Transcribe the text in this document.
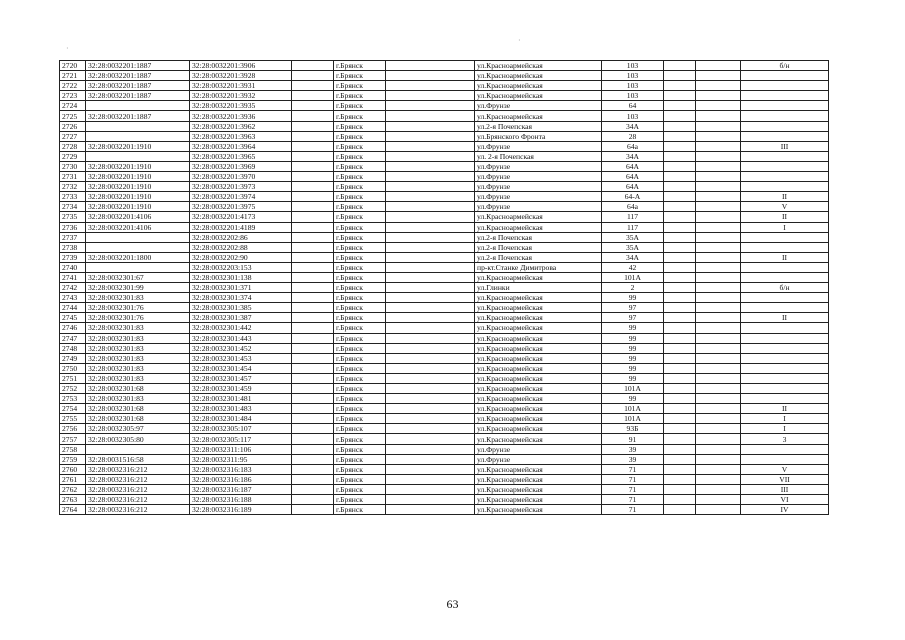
·
·
2720	32:28:0032201:1887	32:28:0032201:3906		г.Брянск		ул.Красноармейская	103			б/н
2721	32:28:0032201:1887	32:28:0032201:3928		г.Брянск		ул.Красноармейская	103			
2722	32:28:0032201:1887	32:28:0032201:3931		г.Брянск		ул.Красноармейская	103			
2723	32:28:0032201:1887	32:28:0032201:3932		г.Брянск		ул.Красноармейская	103			
2724		32:28:0032201:3935		г.Брянск		ул.Фрунзе	64			
2725	32:28:0032201:1887	32:28:0032201:3936		г.Брянск		ул.Красноармейская	103			
2726		32:28:0032201:3962		г.Брянск		ул.2-я Почепская	34А			
2727		32:28:0032201:3963		г.Брянск		ул.Брянского Фронта	28			
2728	32:28:0032201:1910	32:28:0032201:3964		г.Брянск		ул.Фрунзе	64а			III
2729		32:28:0032201:3965		г.Брянск		ул. 2-я Почепская	34А			
2730	32:28:0032201:1910	32:28:0032201:3969		г.Брянск		ул.Фрунзе	64А			
2731	32:28:0032201:1910	32:28:0032201:3970		г.Брянск		ул.Фрунзе	64А			
2732	32:28:0032201:1910	32:28:0032201:3973		г.Брянск		ул.Фрунзе	64А			
2733	32:28:0032201:1910	32:28:0032201:3974		г.Брянск		ул.Фрунзе	64-А			II
2734	32:28:0032201:1910	32:28:0032201:3975		г.Брянск		ул.Фрунзе	64а			V
2735	32:28:0032201:4106	32:28:0032201:4173		г.Брянск		ул.Красноармейская	117			II
2736	32:28:0032201:4106	32:28:0032201:4189		г.Брянск		ул.Красноармейская	117			I
2737		32:28:0032202:86		г.Брянск		ул.2-я Почепская	35А			
2738		32:28:0032202:88		г.Брянск		ул.2-я Почепская	35А			
2739	32:28:0032201:1800	32:28:0032202:90		г.Брянск		ул.2-я Почепская	34А			II
2740		32:28:0032203:153		г.Брянск		пр-кт.Станке Димитрова	42			
2741	32:28:0032301:67	32:28:0032301:138		г.Брянск		ул.Красноармейская	101А			
2742	32:28:0032301:99	32:28:0032301:371		г.Брянск		ул.Глинки	2			б/н
2743	32:28:0032301:83	32:28:0032301:374		г.Брянск		ул.Красноармейская	99			
2744	32:28:0032301:76	32:28:0032301:385		г.Брянск		ул.Красноармейская	97			
2745	32:28:0032301:76	32:28:0032301:387		г.Брянск		ул.Красноармейская	97			II
2746	32:28:0032301:83	32:28:0032301:442		г.Брянск		ул.Красноармейская	99			
2747	32:28:0032301:83	32:28:0032301:443		г.Брянск		ул.Красноармейская	99			
2748	32:28:0032301:83	32:28:0032301:452		г.Брянск		ул.Красноармейская	99			
2749	32:28:0032301:83	32:28:0032301:453		г.Брянск		ул.Красноармейская	99			
2750	32:28:0032301:83	32:28:0032301:454		г.Брянск		ул.Красноармейская	99			
2751	32:28:0032301:83	32:28:0032301:457		г.Брянск		ул.Красноармейская	99			
2752	32:28:0032301:68	32:28:0032301:459		г.Брянск		ул.Красноармейская	101А			
2753	32:28:0032301:83	32:28:0032301:481		г.Брянск		ул.Красноармейская	99			
2754	32:28:0032301:68	32:28:0032301:483		г.Брянск		ул.Красноармейская	101А			II
2755	32:28:0032301:68	32:28:0032301:484		г.Брянск		ул.Красноармейская	101А			I
2756	32:28:0032305:97	32:28:0032305:107		г.Брянск		ул.Красноармейская	93Б			I
2757	32:28:0032305:80	32:28:0032305:117		г.Брянск		ул.Красноармейская	91			3
2758		32:28:0032311:106		г.Брянск		ул.Фрунзе	39			
2759	32:28:0031516:58	32:28:0032311:95		г.Брянск		ул.Фрунзе	39			
2760	32:28:0032316:212	32:28:0032316:183		г.Брянск		ул.Красноармейская	71			V
2761	32:28:0032316:212	32:28:0032316:186		г.Брянск		ул.Красноармейская	71			VII
2762	32:28:0032316:212	32:28:0032316:187		г.Брянск		ул.Красноармейская	71			III
2763	32:28:0032316:212	32:28:0032316:188		г.Брянск		ул.Красноармейская	71			VI
2764	32:28:0032316:212	32:28:0032316:189		г.Брянск		ул.Красноармейская	71			IV
63
